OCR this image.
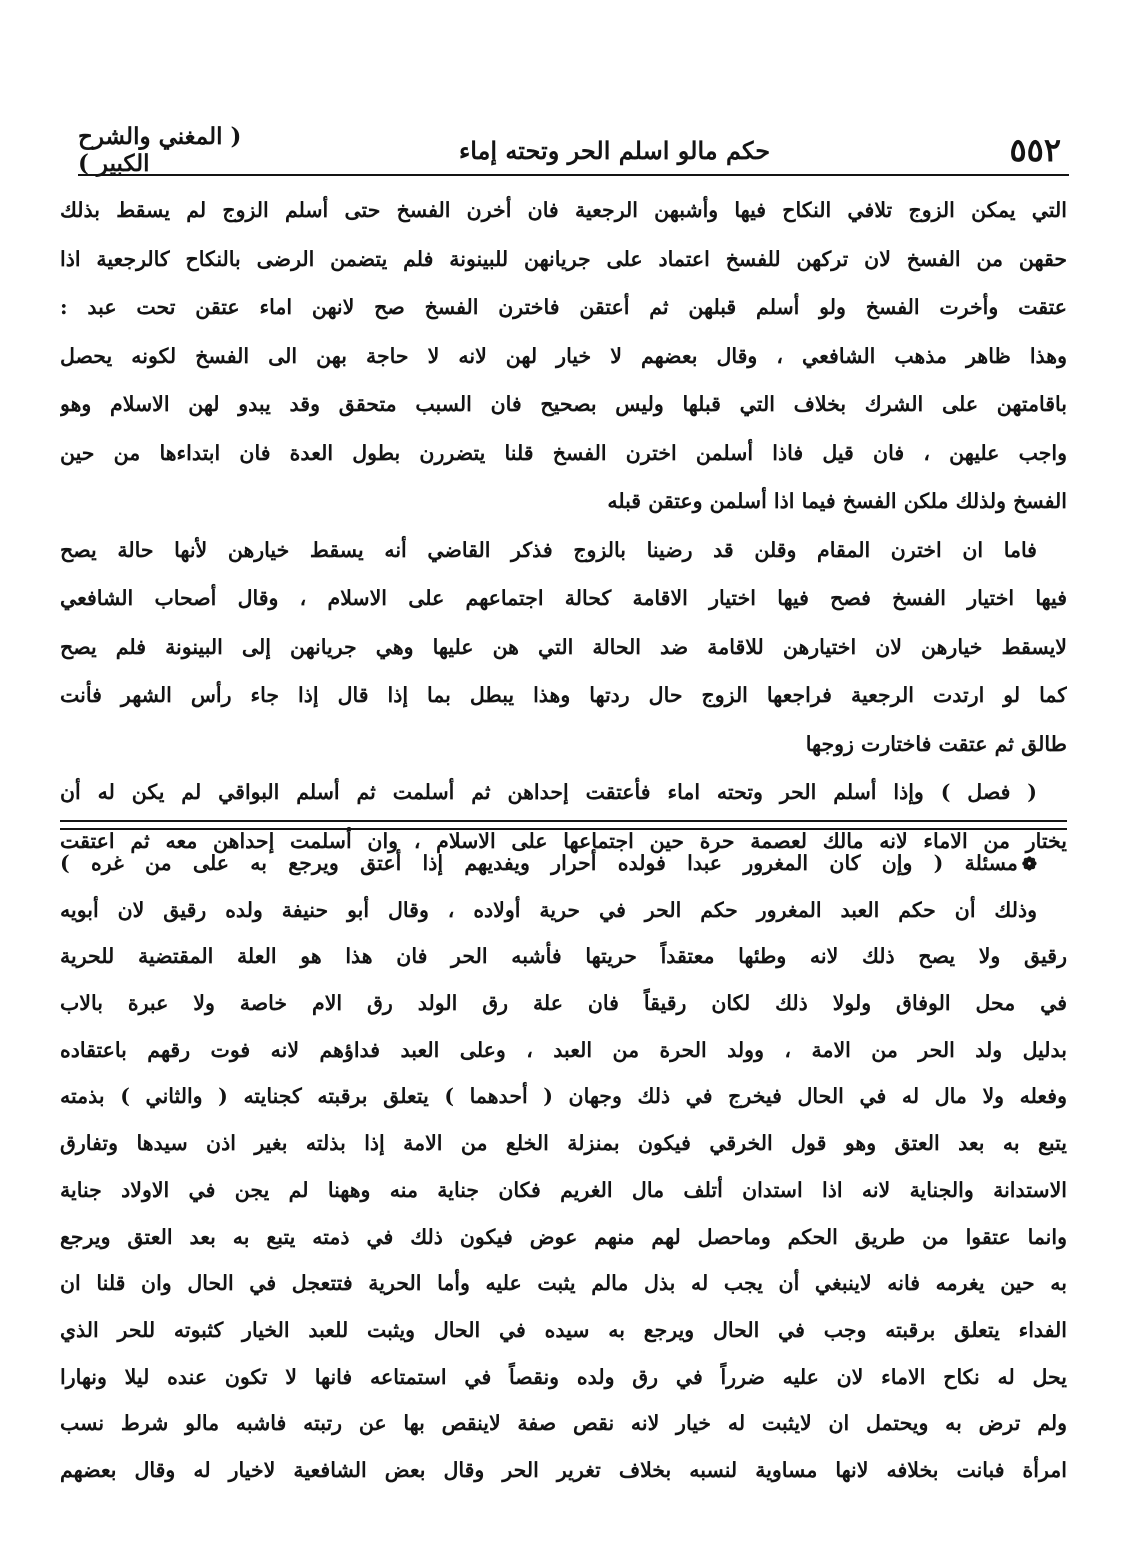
٥٥٢
حكم مالو اسلم الحر وتحته إماء
( المغني والشرح الكبير )
التي يمكن الزوج تلافي النكاح فيها وأشبهن الرجعية فان أخرن الفسخ حتى أسلم الزوج لم يسقط بذلك
حقهن من الفسخ لان تركهن للفسخ اعتماد على جريانهن للبينونة فلم يتضمن الرضى بالنكاح كالرجعية اذا
عتقت وأخرت الفسخ ولو أسلم قبلهن ثم أعتقن فاخترن الفسخ صح لانهن اماء عتقن تحت عبد :
وهذا ظاهر مذهب الشافعي ، وقال بعضهم لا خيار لهن لانه لا حاجة بهن الى الفسخ لكونه يحصل
باقامتهن على الشرك بخلاف التي قبلها وليس بصحيح فان السبب متحقق وقد يبدو لهن الاسلام وهو
واجب عليهن ، فان قيل فاذا أسلمن اخترن الفسخ قلنا يتضررن بطول العدة فان ابتداءها من حين
الفسخ ولذلك ملكن الفسخ فيما اذا أسلمن وعتقن قبله
فاما ان اخترن المقام وقلن قد رضينا بالزوج فذكر القاضي أنه يسقط خيارهن لأنها حالة يصح
فيها اختيار الفسخ فصح فيها اختيار الاقامة كحالة اجتماعهم على الاسلام ، وقال أصحاب الشافعي
لايسقط خيارهن لان اختيارهن للاقامة ضد الحالة التي هن عليها وهي جريانهن إلى البينونة فلم يصح
كما لو ارتدت الرجعية فراجعها الزوج حال ردتها وهذا يبطل بما إذا قال إذا جاء رأس الشهر فأنت
طالق ثم عتقت فاختارت زوجها
( فصل ) وإذا أسلم الحر وتحته اماء فأعتقت إحداهن ثم أسلمت ثم أسلم البواقي لم يكن له أن
يختار من الاماء لانه مالك لعصمة حرة حين اجتماعها على الاسلام ، وان أسلمت إحداهن معه ثم اعتقت
❁مسئلة ( وإن كان المغرور عبدا فولده أحرار ويفديهم إذا أعتق ويرجع به على من غره )
وذلك أن حكم العبد المغرور حكم الحر في حرية أولاده ، وقال أبو حنيفة ولده رقيق لان أبويه
رقيق ولا يصح ذلك لانه وطئها معتقداً حريتها فأشبه الحر فان هذا هو العلة المقتضية للحرية
في محل الوفاق ولولا ذلك لكان رقيقاً فان علة رق الولد رق الام خاصة ولا عبرة بالاب
بدليل ولد الحر من الامة ، وولد الحرة من العبد ، وعلى العبد فداؤهم لانه فوت رقهم باعتقاده
وفعله ولا مال له في الحال فيخرج في ذلك وجهان ( أحدهما ) يتعلق برقبته كجنايته ( والثاني ) بذمته
يتبع به بعد العتق وهو قول الخرقي فيكون بمنزلة الخلع من الامة إذا بذلته بغير اذن سيدها وتفارق
الاستدانة والجناية لانه اذا استدان أتلف مال الغريم فكان جناية منه وههنا لم يجن في الاولاد جناية
وانما عتقوا من طريق الحكم وماحصل لهم منهم عوض فيكون ذلك في ذمته يتبع به بعد العتق ويرجع
به حين يغرمه فانه لاينبغي أن يجب له بذل مالم يثبت عليه وأما الحرية فتتعجل في الحال وان قلنا ان
الفداء يتعلق برقبته وجب في الحال ويرجع به سيده في الحال ويثبت للعبد الخيار كثبوته للحر الذي
يحل له نكاح الاماء لان عليه ضرراً في رق ولده ونقصاً في استمتاعه فانها لا تكون عنده ليلا ونهارا
ولم ترض به ويحتمل ان لايثبت له خيار لانه نقص صفة لاينقص بها عن رتبته فاشبه مالو شرط نسب
امرأة فبانت بخلافه لانها مساوية لنسبه بخلاف تغرير الحر وقال بعض الشافعية لاخيار له وقال بعضهم
